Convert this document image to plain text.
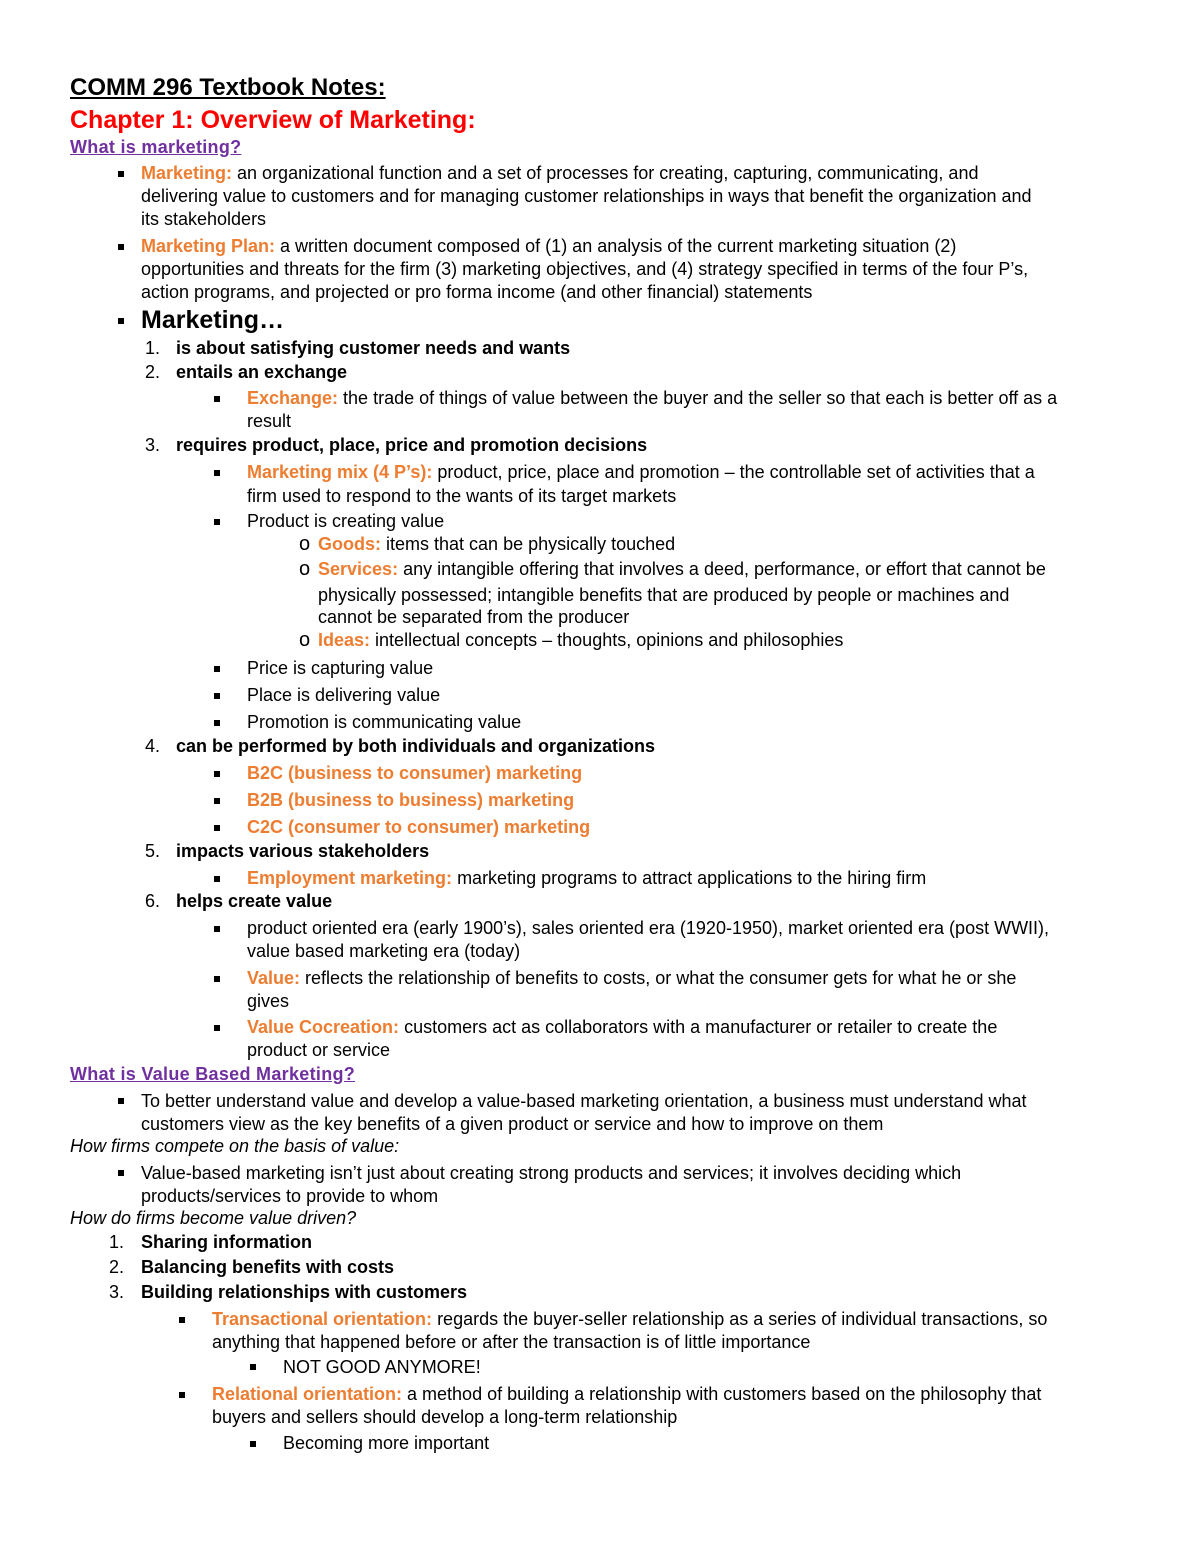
COMM 296 Textbook Notes:
Chapter 1: Overview of Marketing:
What is marketing?
Marketing: an organizational function and a set of processes for creating, capturing, communicating, and
delivering value to customers and for managing customer relationships in ways that benefit the organization and
its stakeholders
Marketing Plan: a written document composed of (1) an analysis of the current marketing situation (2)
opportunities and threats for the firm (3) marketing objectives, and (4) strategy specified in terms of the four P’s,
action programs, and projected or pro forma income (and other financial) statements
Marketing…
1. is about satisfying customer needs and wants
2. entails an exchange
Exchange: the trade of things of value between the buyer and the seller so that each is better off as a
result
3. requires product, place, price and promotion decisions
Marketing mix (4 P’s): product, price, place and promotion – the controllable set of activities that a
firm used to respond to the wants of its target markets
Product is creating value
o Goods: items that can be physically touched
o Services: any intangible offering that involves a deed, performance, or effort that cannot be
physically possessed; intangible benefits that are produced by people or machines and
cannot be separated from the producer
o Ideas: intellectual concepts – thoughts, opinions and philosophies
Price is capturing value
Place is delivering value
Promotion is communicating value
4. can be performed by both individuals and organizations
B2C (business to consumer) marketing
B2B (business to business) marketing
C2C (consumer to consumer) marketing
5. impacts various stakeholders
Employment marketing: marketing programs to attract applications to the hiring firm
6. helps create value
product oriented era (early 1900’s), sales oriented era (1920-1950), market oriented era (post WWII),
value based marketing era (today)
Value: reflects the relationship of benefits to costs, or what the consumer gets for what he or she
gives
Value Cocreation: customers act as collaborators with a manufacturer or retailer to create the
product or service
What is Value Based Marketing?
To better understand value and develop a value-based marketing orientation, a business must understand what
customers view as the key benefits of a given product or service and how to improve on them
How firms compete on the basis of value:
Value-based marketing isn’t just about creating strong products and services; it involves deciding which
products/services to provide to whom
How do firms become value driven?
1. Sharing information
2. Balancing benefits with costs
3. Building relationships with customers
Transactional orientation: regards the buyer-seller relationship as a series of individual transactions, so
anything that happened before or after the transaction is of little importance
NOT GOOD ANYMORE!
Relational orientation: a method of building a relationship with customers based on the philosophy that
buyers and sellers should develop a long-term relationship
Becoming more important
